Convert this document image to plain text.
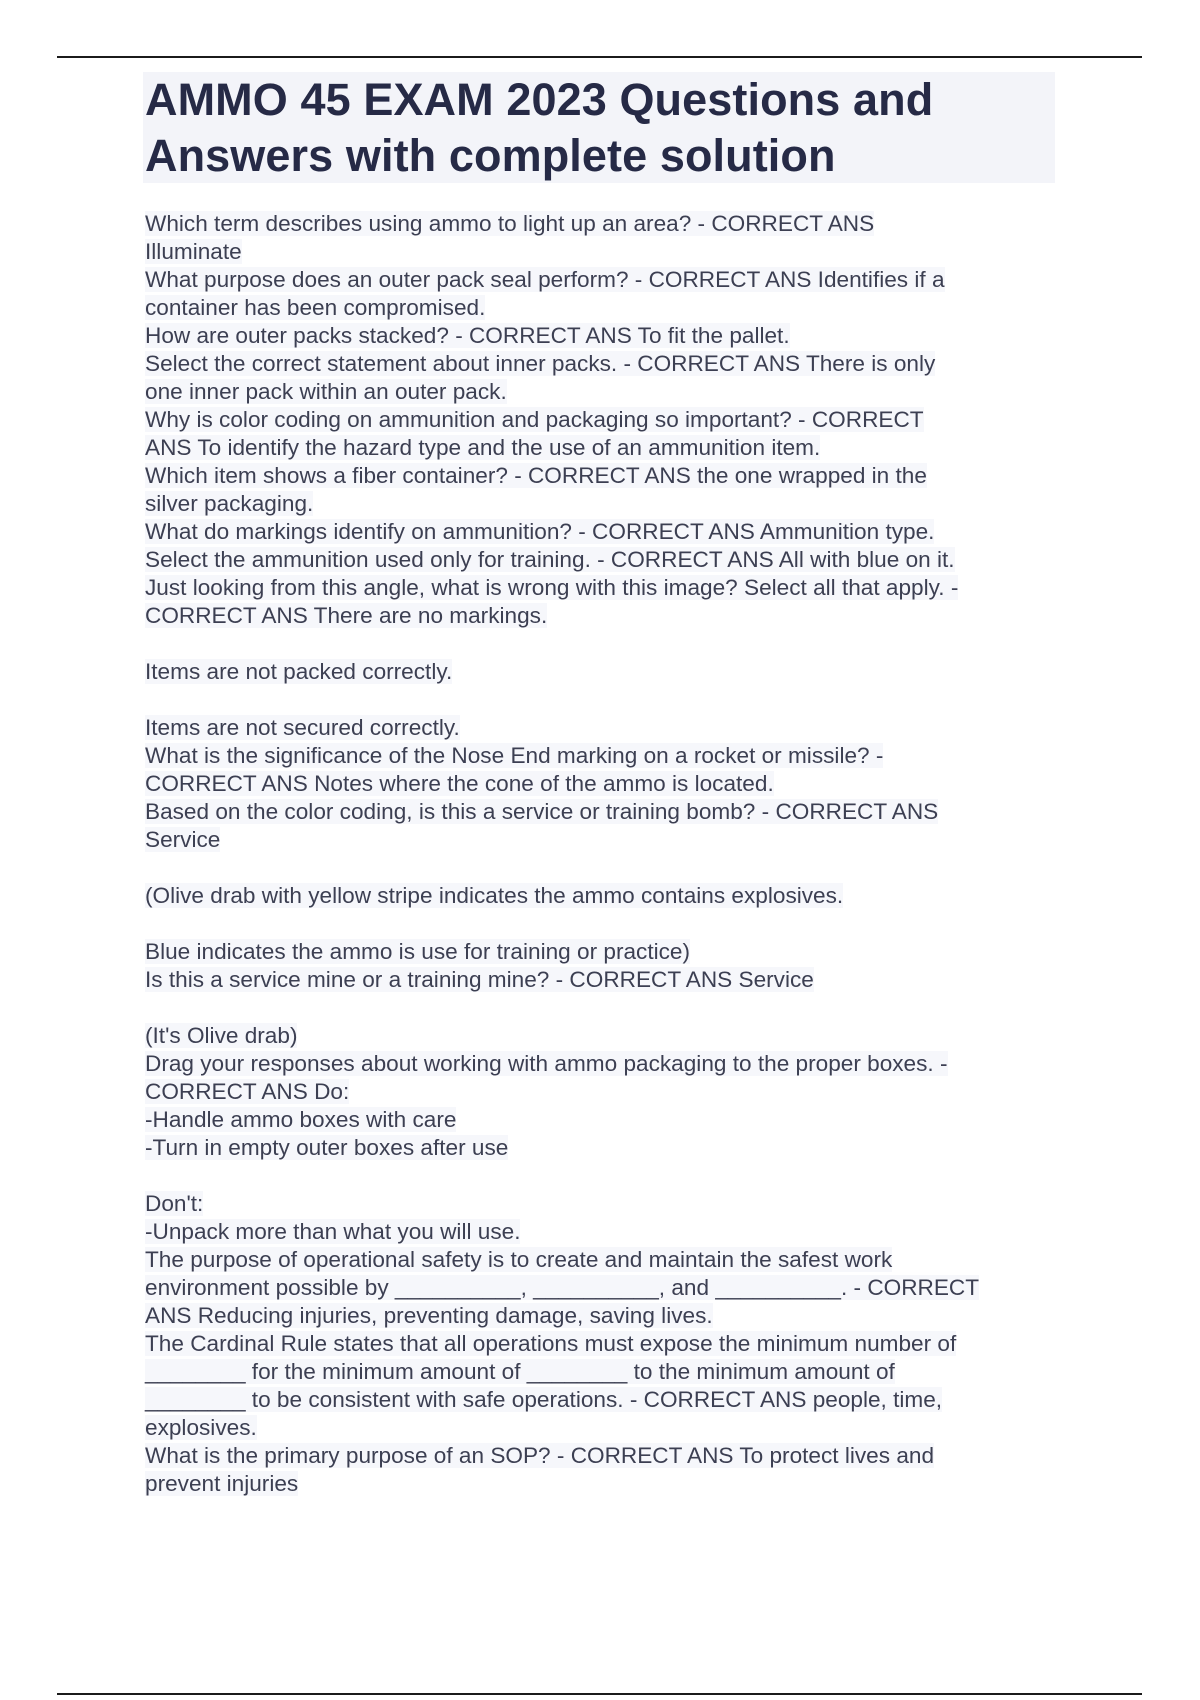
AMMO 45 EXAM 2023 Questions and
Answers with complete solution

Which term describes using ammo to light up an area? - CORRECT ANS

Illuminate

What purpose does an outer pack seal perform? - CORRECT ANS Identifies if a

container has been compromised.

How are outer packs stacked? - CORRECT ANS To fit the pallet.

Select the correct statement about inner packs. - CORRECT ANS There is only

one inner pack within an outer pack.

Why is color coding on ammunition and packaging so important? - CORRECT

ANS To identify the hazard type and the use of an ammunition item.

Which item shows a fiber container? - CORRECT ANS the one wrapped in the

silver packaging.

What do markings identify on ammunition? - CORRECT ANS Ammunition type.

Select the ammunition used only for training. - CORRECT ANS All with blue on it.

Just looking from this angle, what is wrong with this image? Select all that apply. -

CORRECT ANS There are no markings.

Items are not packed correctly.

Items are not secured correctly.

What is the significance of the Nose End marking on a rocket or missile? -

CORRECT ANS Notes where the cone of the ammo is located.

Based on the color coding, is this a service or training bomb? - CORRECT ANS

Service

(Olive drab with yellow stripe indicates the ammo contains explosives.

Blue indicates the ammo is use for training or practice)

Is this a service mine or a training mine? - CORRECT ANS Service

(It's Olive drab)

Drag your responses about working with ammo packaging to the proper boxes. -

CORRECT ANS Do:

-Handle ammo boxes with care

-Turn in empty outer boxes after use

Don't:

-Unpack more than what you will use.

The purpose of operational safety is to create and maintain the safest work

environment possible by __________, __________, and __________. - CORRECT

ANS Reducing injuries, preventing damage, saving lives.

The Cardinal Rule states that all operations must expose the minimum number of

________ for the minimum amount of ________ to the minimum amount of

________ to be consistent with safe operations. - CORRECT ANS people, time,

explosives.

What is the primary purpose of an SOP? - CORRECT ANS To protect lives and

prevent injuries
